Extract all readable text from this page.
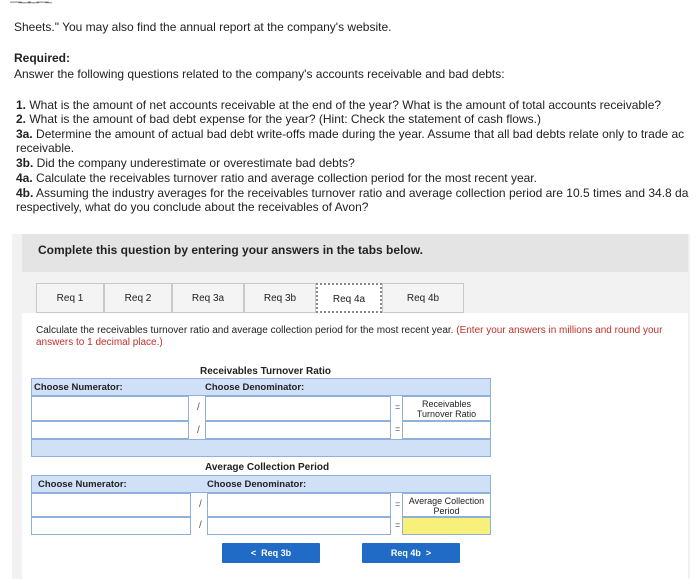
​—̶ ̶-̶ ̶—̶
Sheets." You may also find the annual report at the company's website.
Required:
Answer the following questions related to the company's accounts receivable and bad debts:
1. What is the amount of net accounts receivable at the end of the year? What is the amount of total accounts receivable?
2. What is the amount of bad debt expense for the year? (Hint: Check the statement of cash flows.)
3a. Determine the amount of actual bad debt write-offs made during the year. Assume that all bad debts relate only to trade ac
receivable.
3b. Did the company underestimate or overestimate bad debts?
4a. Calculate the receivables turnover ratio and average collection period for the most recent year.
4b. Assuming the industry averages for the receivables turnover ratio and average collection period are 10.5 times and 34.8 da
respectively, what do you conclude about the receivables of Avon?
Complete this question by entering your answers in the tabs below.
Req 1	Req 2	Req 3a	Req 3b	Req 4a	Req 4b
Calculate the receivables turnover ratio and average collection period for the most recent year. (Enter your answers in millions and round your answers to 1 decimal place.)
Receivables Turnover Ratio
Choose Numerator:	Choose Denominator:
/	=	Receivables Turnover Ratio
/	=
Average Collection Period
Choose Numerator:	Choose Denominator:
/	= Average Collection Period
/	=
< Req 3b	Req 4b >
